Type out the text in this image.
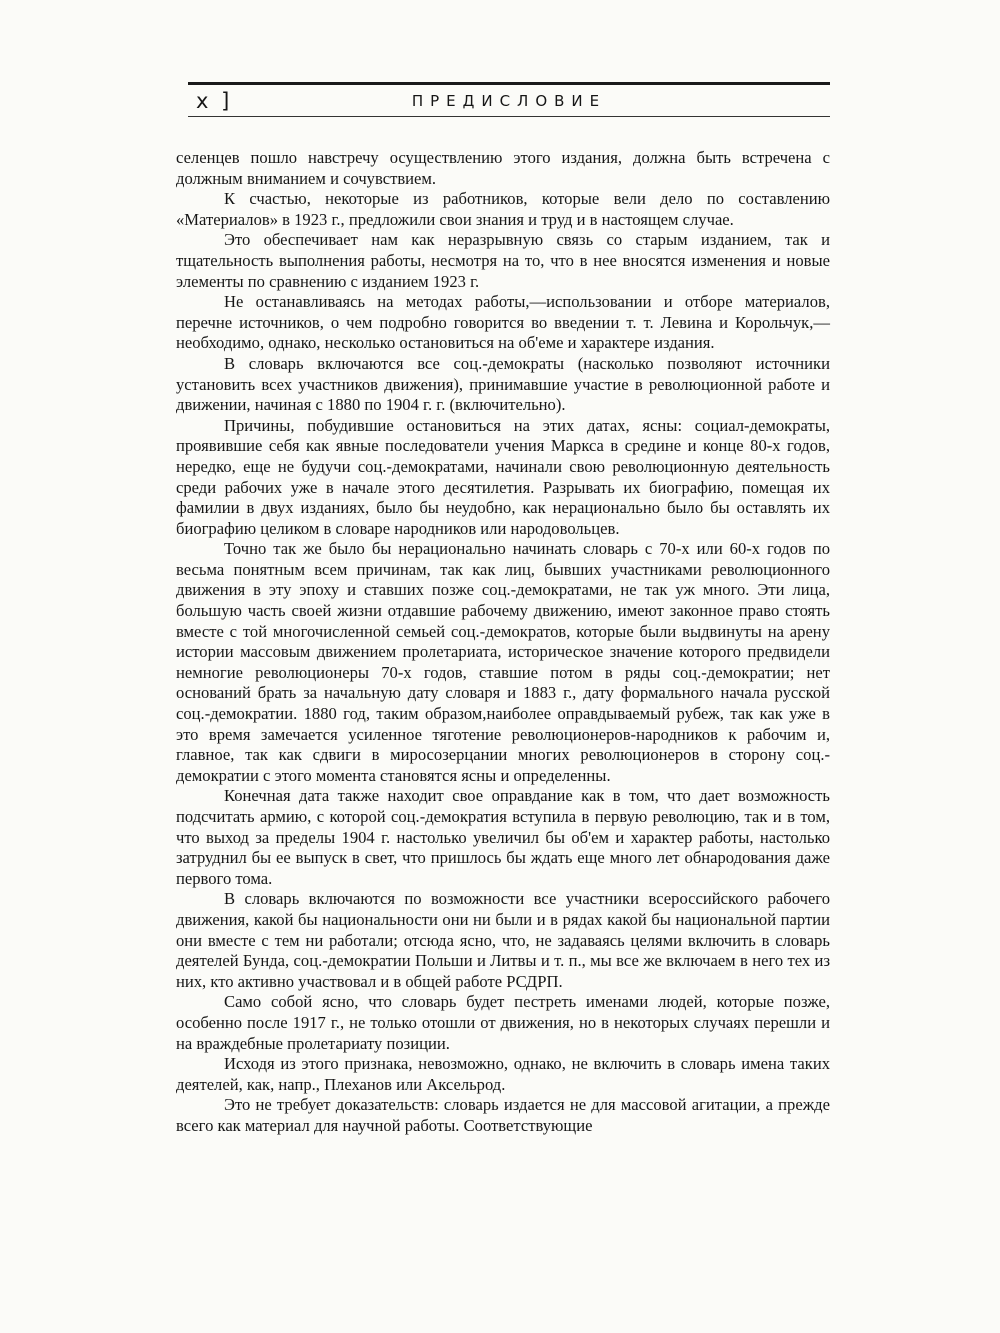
x ]	ПРЕДИСЛОВИЕ

селенцев пошло навстречу осуществлению этого издания, должна быть встречена с должным вниманием и сочувствием.

К счастью, некоторые из работников, которые вели дело по составлению «Материалов» в 1923 г., предложили свои знания и труд и в настоящем случае.

Это обеспечивает нам как неразрывную связь со старым изданием, так и тщательность выполнения работы, несмотря на то, что в нее вносятся изменения и новые элементы по сравнению с изданием 1923 г.

Не останавливаясь на методах работы,—использовании и отборе материалов, перечне источников, о чем подробно говорится во введении т. т. Левина и Корольчук,—необходимо, однако, несколько остановиться на об'еме и характере издания.

В словарь включаются все соц.-демократы (насколько позволяют источники установить всех участников движения), принимавшие участие в революционной работе и движении, начиная с 1880 по 1904 г. г. (включительно).

Причины, побудившие остановиться на этих датах, ясны: социал-демократы, проявившие себя как явные последователи учения Маркса в средине и конце 80-х годов, нередко, еще не будучи соц.-демократами, начинали свою революционную деятельность среди рабочих уже в начале этого десятилетия. Разрывать их биографию, помещая их фамилии в двух изданиях, было бы неудобно, как нерационально было бы оставлять их биографию целиком в словаре народников или народовольцев.

Точно так же было бы нерационально начинать словарь с 70-х или 60-х годов по весьма понятным всем причинам, так как лиц, бывших участниками революционного движения в эту эпоху и ставших позже соц.-демократами, не так уж много. Эти лица, большую часть своей жизни отдавшие рабочему движению, имеют законное право стоять вместе с той многочисленной семьей соц.-демократов, которые были выдвинуты на арену истории массовым движением пролетариата, историческое значение которого предвидели немногие революционеры 70-х годов, ставшие потом в ряды соц.-демократии; нет оснований брать за начальную дату словаря и 1883 г., дату формального начала русской соц.-демократии. 1880 год, таким образом,наиболее оправдываемый рубеж, так как уже в это время замечается усиленное тяготение революционеров-народников к рабочим и, главное, так как сдвиги в миросозерцании многих революционеров в сторону соц.-демократии с этого момента становятся ясны и определенны.

Конечная дата также находит свое оправдание как в том, что дает возможность подсчитать армию, с которой соц.-демократия вступила в первую революцию, так и в том, что выход за пределы 1904 г. настолько увеличил бы об'ем и характер работы, настолько затруднил бы ее выпуск в свет, что пришлось бы ждать еще много лет обнародования даже первого тома.

В словарь включаются по возможности все участники всероссийского рабочего движения, какой бы национальности они ни были и в рядах какой бы национальной партии они вместе с тем ни работали; отсюда ясно, что, не задаваясь целями включить в словарь деятелей Бунда, соц.-демократии Польши и Литвы и т. п., мы все же включаем в него тех из них, кто активно участвовал и в общей работе РСДРП.

Само собой ясно, что словарь будет пестреть именами людей, которые позже, особенно после 1917 г., не только отошли от движения, но в некоторых случаях перешли и на враждебные пролетариату позиции.

Исходя из этого признака, невозможно, однако, не включить в словарь имена таких деятелей, как, напр., Плеханов или Аксельрод.

Это не требует доказательств: словарь издается не для массовой агитации, а прежде всего как материал для научной работы. Соответствующие
